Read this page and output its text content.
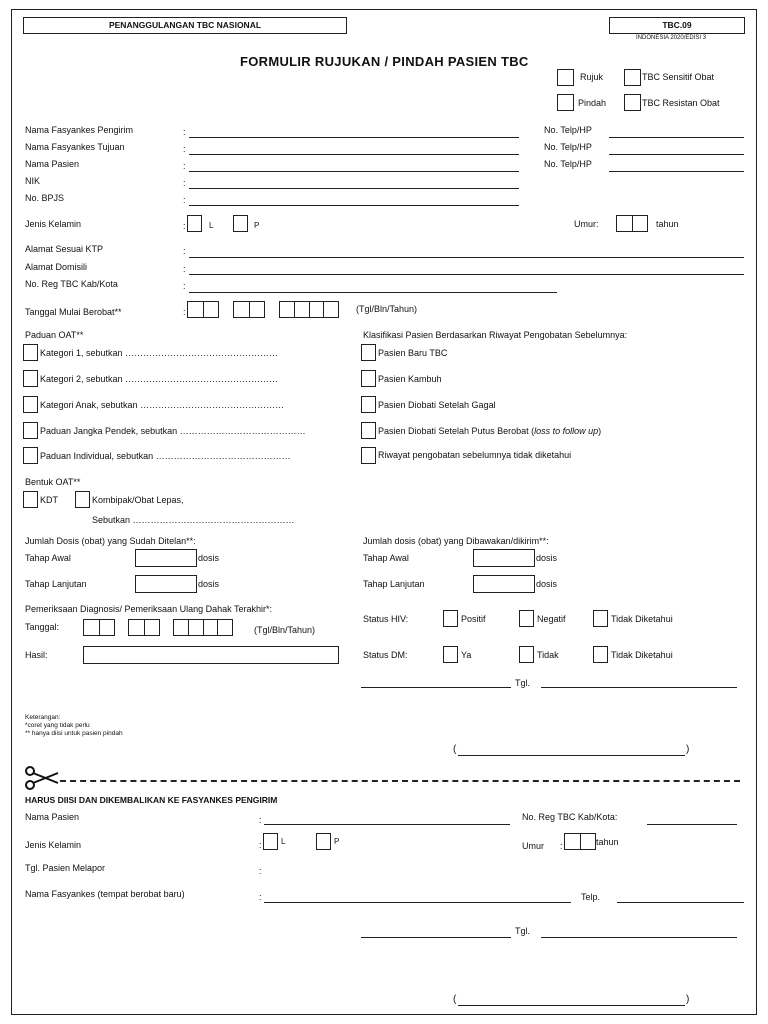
PENANGGULANGAN TBC NASIONAL	TBC.09
INDONESIA 2020/EDISI 3
FORMULIR RUJUKAN / PINDAH PASIEN TBC
Rujuk	TBC Sensitif Obat
Pindah	TBC Resistan Obat
Nama Fasyankes Pengirim	:	No. Telp/HP
Nama Fasyankes Tujuan	:	No. Telp/HP
Nama Pasien	:	No. Telp/HP
NIK	:
No. BPJS	:
Jenis Kelamin	:	L	P	Umur:	tahun
Alamat Sesuai KTP	:
Alamat Domisili	:
No. Reg TBC Kab/Kota	:
Tanggal Mulai Berobat**	:	(Tgl/Bln/Tahun)
Paduan OAT**
Kategori 1, sebutkan ……………………………………………
Kategori 2, sebutkan ……………………………………………
Kategori Anak, sebutkan …………………………………………
Paduan Jangka Pendek, sebutkan ……………………………………
Paduan Individual, sebutkan ………………………………………
Klasifikasi Pasien Berdasarkan Riwayat Pengobatan Sebelumnya:
Pasien Baru TBC
Pasien Kambuh
Pasien Diobati Setelah Gagal
Pasien Diobati Setelah Putus Berobat (loss to follow up)
Riwayat pengobatan sebelumnya tidak diketahui
Bentuk OAT**
KDT	Kombipak/Obat Lepas,
Sebutkan ………………………………………………
Jumlah Dosis (obat) yang Sudah Ditelan**:
Tahap Awal	dosis
Tahap Lanjutan	dosis
Jumlah dosis (obat) yang Dibawakan/dikirim**:
Tahap Awal	dosis
Tahap Lanjutan	dosis
Pemeriksaan Diagnosis/ Pemeriksaan Ulang Dahak Terakhir*:
Tanggal:	(Tgl/Bln/Tahun)
Hasil:
Status HIV:	Positif	Negatif	Tidak Diketahui
Status DM:	Ya	Tidak	Tidak Diketahui
Tgl.
Keterangan:
*coret yang tidak perlu
** hanya diisi untuk pasien pindah
(	)
HARUS DIISI DAN DIKEMBALIKAN KE FASYANKES PENGIRIM
Nama Pasien	:	No. Reg TBC Kab/Kota:
Jenis Kelamin	: L	P	Umur :	tahun
Tgl. Pasien Melapor	:
Nama Fasyankes (tempat berobat baru)	:	Telp.
Tgl.
(	)
